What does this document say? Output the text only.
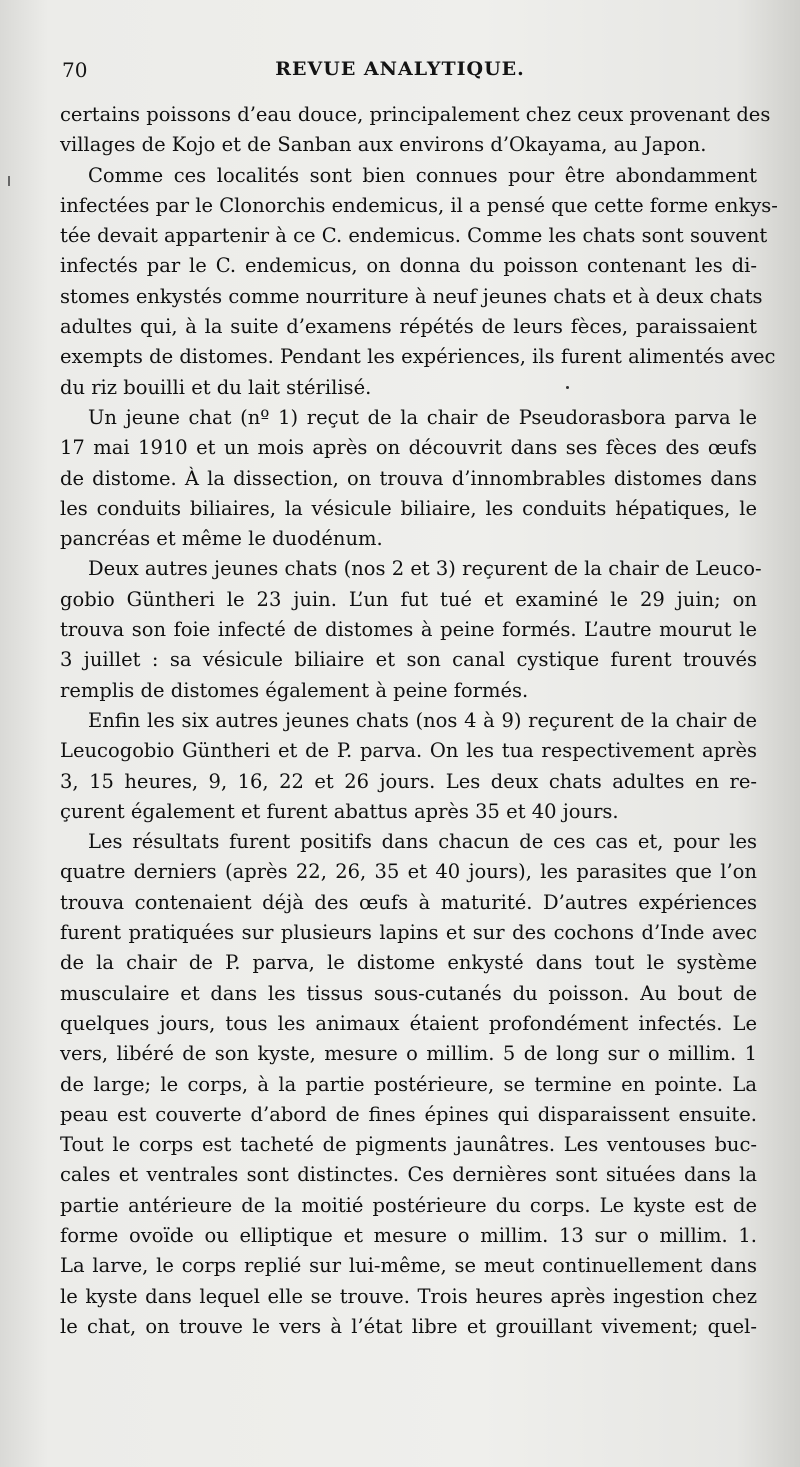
70	REVUE ANALYTIQUE.
certains poissons d’eau douce, principalement chez ceux provenant des
villages de Kojo et de Sanban aux environs d’Okayama, au Japon.
Comme ces localités sont bien connues pour être abondamment
infectées par le Clonorchis endemicus, il a pensé que cette forme enkys-
tée devait appartenir à ce C. endemicus. Comme les chats sont souvent
infectés par le C. endemicus, on donna du poisson contenant les di-
stomes enkystés comme nourriture à neuf jeunes chats et à deux chats
adultes qui, à la suite d’examens répétés de leurs fèces, paraissaient
exempts de distomes. Pendant les expériences, ils furent alimentés avec
du riz bouilli et du lait stérilisé.
Un jeune chat (nº 1) reçut de la chair de Pseudorasbora parva le
17 mai 1910 et un mois après on découvrit dans ses fèces des œufs
de distome. À la dissection, on trouva d’innombrables distomes dans
les conduits biliaires, la vésicule biliaire, les conduits hépatiques, le
pancréas et même le duodénum.
Deux autres jeunes chats (nos 2 et 3) reçurent de la chair de Leuco-
gobio Güntheri le 23 juin. L’un fut tué et examiné le 29 juin; on
trouva son foie infecté de distomes à peine formés. L’autre mourut le
3 juillet : sa vésicule biliaire et son canal cystique furent trouvés
remplis de distomes également à peine formés.
Enfin les six autres jeunes chats (nos 4 à 9) reçurent de la chair de
Leucogobio Güntheri et de P. parva. On les tua respectivement après
3, 15 heures, 9, 16, 22 et 26 jours. Les deux chats adultes en re-
çurent également et furent abattus après 35 et 40 jours.
Les résultats furent positifs dans chacun de ces cas et, pour les
quatre derniers (après 22, 26, 35 et 40 jours), les parasites que l’on
trouva contenaient déjà des œufs à maturité. D’autres expériences
furent pratiquées sur plusieurs lapins et sur des cochons d’Inde avec
de la chair de P. parva, le distome enkysté dans tout le système
musculaire et dans les tissus sous-cutanés du poisson. Au bout de
quelques jours, tous les animaux étaient profondément infectés. Le
vers, libéré de son kyste, mesure o millim. 5 de long sur o millim. 1
de large; le corps, à la partie postérieure, se termine en pointe. La
peau est couverte d’abord de fines épines qui disparaissent ensuite.
Tout le corps est tacheté de pigments jaunâtres. Les ventouses buc-
cales et ventrales sont distinctes. Ces dernières sont situées dans la
partie antérieure de la moitié postérieure du corps. Le kyste est de
forme ovoïde ou elliptique et mesure o millim. 13 sur o millim. 1.
La larve, le corps replié sur lui-même, se meut continuellement dans
le kyste dans lequel elle se trouve. Trois heures après ingestion chez
le chat, on trouve le vers à l’état libre et grouillant vivement; quel-
